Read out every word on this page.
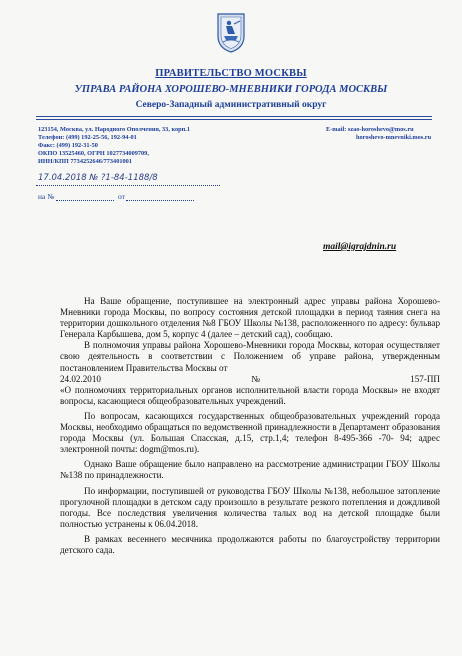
ПРАВИТЕЛЬСТВО МОСКВЫ
УПРАВА РАЙОНА ХОРОШЕВО-МНЕВНИКИ ГОРОДА МОСКВЫ
Северо-Западный административный округ
123154, Москва, ул. Народного Ополчения, 33, корп.1
Телефон: (499) 192-25-56, 192-94-01
Факс: (499) 192-31-50
ОКПО 13525460, ОГРН 1027734009709,
ИНН/КПП 7734252646/773401001
E-mail: szao-horoshevo@mos.ru
horoshevo-mnevniki.mos.ru
17.04.2018 № ?1-84-1188/8
на №	от
mail@igrajdnin.ru

На Ваше обращение, поступившее на электронный адрес управы района Хорошево-Мневники города Москвы, по вопросу состояния детской площадки в период таяния снега на территории дошкольного отделения №8 ГБОУ Школы №138, расположенного по адресу: бульвар Генерала Карбышева, дом 5, корпус 4 (далее – детский сад), сообщаю.

В полномочия управы района Хорошево-Мневники города Москвы, которая осуществляет свою деятельность в соответствии с Положением об управе района, утвержденным постановлением Правительства Москвы от

24.02.2010	№	157-ПП

«О полномочиях территориальных органов исполнительной власти города Москвы» не входят вопросы, касающиеся общеобразовательных учреждений.

По вопросам, касающихся государственных общеобразовательных учреждений города Москвы, необходимо обращаться по ведомственной принадлежности в Департамент образования города Москвы (ул. Большая Спасская, д.15, стр.1,4; телефон 8-495-366 -70- 94; адрес электронной почты: dogm@mos.ru).

Однако Ваше обращение было направлено на рассмотрение администрации ГБОУ Школы №138 по принадлежности.

По информации, поступившей от руководства ГБОУ Школы №138, небольшое затопление прогулочной площадки в детском саду произошло в результате резкого потепления и дождливой погоды. Все последствия увеличения количества талых вод на детской площадке были полностью устранены к 06.04.2018.

В рамках весеннего месячника продолжаются работы по благоустройству территории детского сада.
